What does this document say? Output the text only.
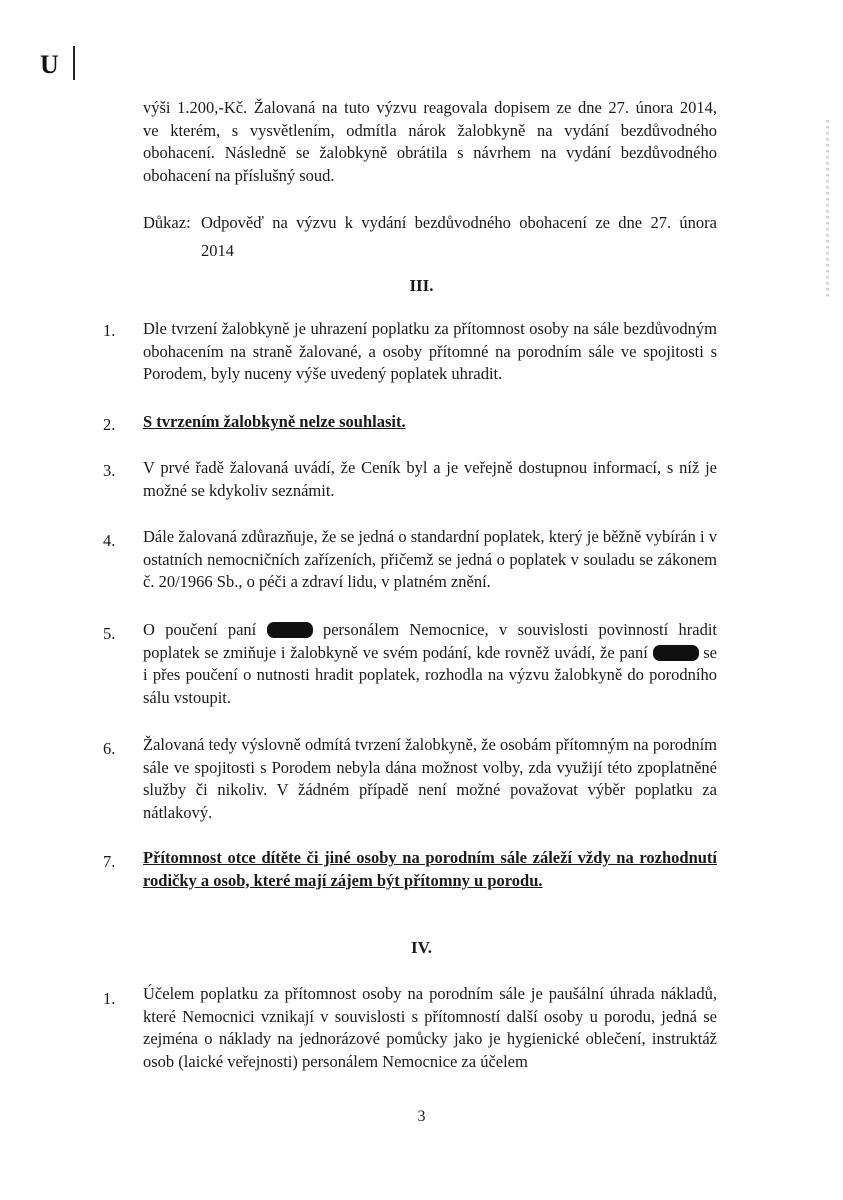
U
výši 1.200,-Kč. Žalovaná na tuto výzvu reagovala dopisem ze dne 27. února 2014,
ve kterém, s vysvětlením, odmítla nárok žalobkyně na vydání bezdůvodného
obohacení. Následně se žalobkyně obrátila s návrhem na vydání bezdůvodného
obohacení na příslušný soud.
Důkaz: Odpověď na výzvu k vydání bezdůvodného obohacení ze dne 27. února
2014
III.
1. Dle tvrzení žalobkyně je uhrazení poplatku za přítomnost osoby na sále bezdůvodným obohacením na straně žalované, a osoby přítomné na porodním sále ve spojitosti s Porodem, byly nuceny výše uvedený poplatek uhradit.
2. S tvrzením žalobkyně nelze souhlasit.
3. V prvé řadě žalovaná uvádí, že Ceník byl a je veřejně dostupnou informací, s níž je možné se kdykoliv seznámit.
4. Dále žalovaná zdůrazňuje, že se jedná o standardní poplatek, který je běžně vybírán i v ostatních nemocničních zařízeních, přičemž se jedná o poplatek v souladu se zákonem č. 20/1966 Sb., o péči a zdraví lidu, v platném znění.
5. O poučení paní	personálem Nemocnice, v souvislosti povinností hradit poplatek se zmiňuje i žalobkyně ve svém podání, kde rovněž uvádí, že paní	se i přes poučení o nutnosti hradit poplatek, rozhodla na výzvu žalobkyně do porodního sálu vstoupit.
6. Žalovaná tedy výslovně odmítá tvrzení žalobkyně, že osobám přítomným na porodním sále ve spojitosti s Porodem nebyla dána možnost volby, zda využijí této zpoplatněné služby či nikoliv. V žádném případě není možné považovat výběr poplatku za nátlakový.
7. Přítomnost otce dítěte či jiné osoby na porodním sále záleží vždy na rozhodnutí rodičky a osob, které mají zájem být přítomny u porodu.
IV.
1. Účelem poplatku za přítomnost osoby na porodním sále je paušální úhrada nákladů, které Nemocnici vznikají v souvislosti s přítomností další osoby u porodu, jedná se zejména o náklady na jednorázové pomůcky jako je hygienické oblečení, instruktáž osob (laické veřejnosti) personálem Nemocnice za účelem
3
